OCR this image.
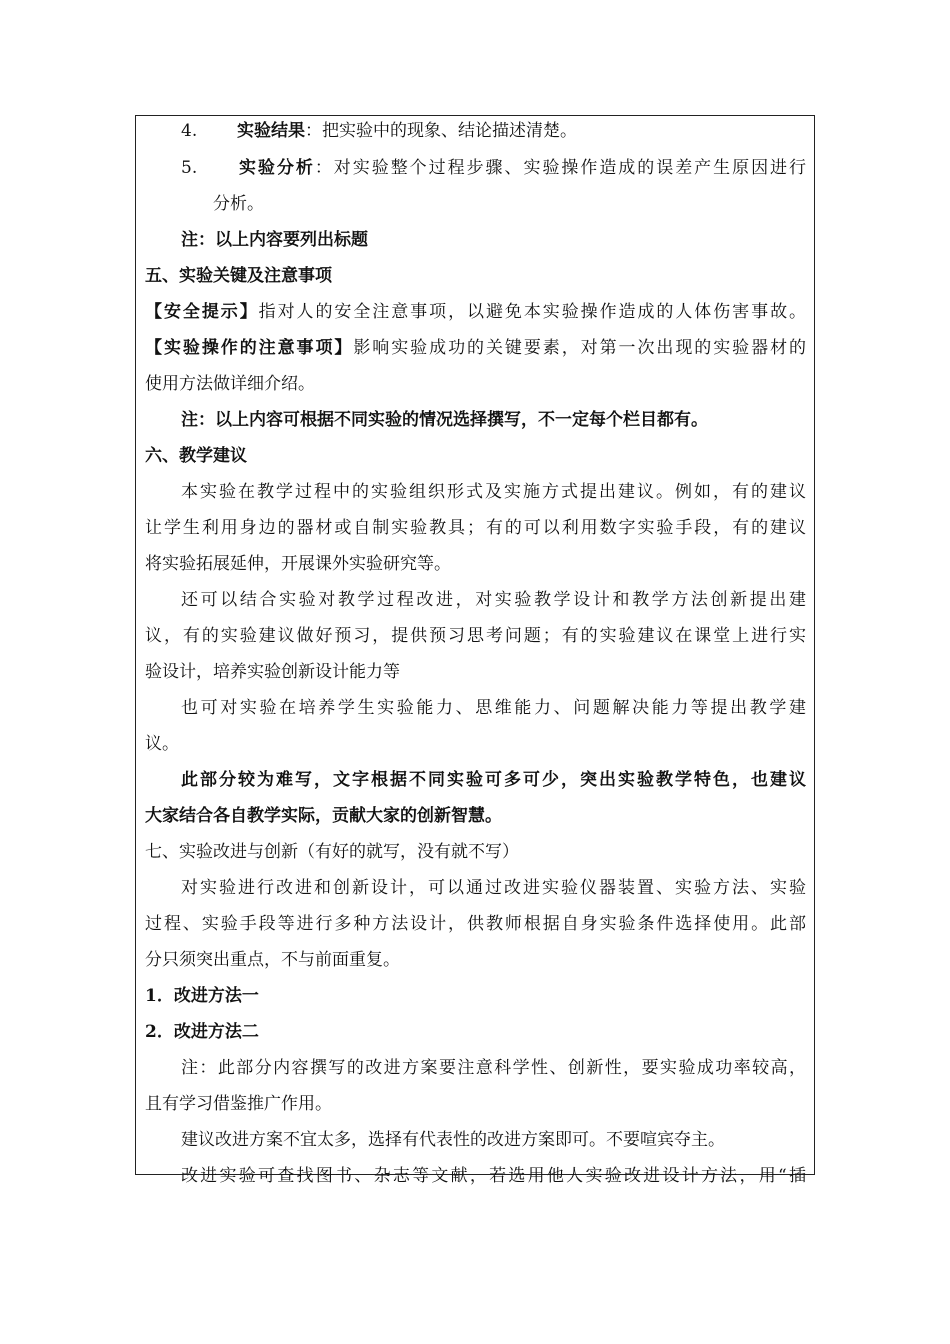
4. 实验结果：把实验中的现象、结论描述清楚。
5. 实验分析：对实验整个过程步骤、实验操作造成的误差产生原因进行
分析。
注：以上内容要列出标题
五、实验关键及注意事项
【安全提示】指对人的安全注意事项，以避免本实验操作造成的人体伤害事故。
【实验操作的注意事项】影响实验成功的关键要素，对第一次出现的实验器材的
使用方法做详细介绍。
注：以上内容可根据不同实验的情况选择撰写，不一定每个栏目都有。
六、教学建议
本实验在教学过程中的实验组织形式及实施方式提出建议。例如，有的建议
让学生利用身边的器材或自制实验教具；有的可以利用数字实验手段，有的建议
将实验拓展延伸，开展课外实验研究等。
还可以结合实验对教学过程改进，对实验教学设计和教学方法创新提出建
议，有的实验建议做好预习，提供预习思考问题；有的实验建议在课堂上进行实
验设计，培养实验创新设计能力等
也可对实验在培养学生实验能力、思维能力、问题解决能力等提出教学建
议。
此部分较为难写，文字根据不同实验可多可少，突出实验教学特色，也建议
大家结合各自教学实际，贡献大家的创新智慧。
七、实验改进与创新（有好的就写，没有就不写）
对实验进行改进和创新设计，可以通过改进实验仪器装置、实验方法、实验
过程、实验手段等进行多种方法设计，供教师根据自身实验条件选择使用。此部
分只须突出重点，不与前面重复。
1．改进方法一
2．改进方法二
注：此部分内容撰写的改进方案要注意科学性、创新性，要实验成功率较高，
且有学习借鉴推广作用。
建议改进方案不宜太多，选择有代表性的改进方案即可。不要喧宾夺主。
改进实验可查找图书、杂志等文献，若选用他人实验改进设计方法，用“插
